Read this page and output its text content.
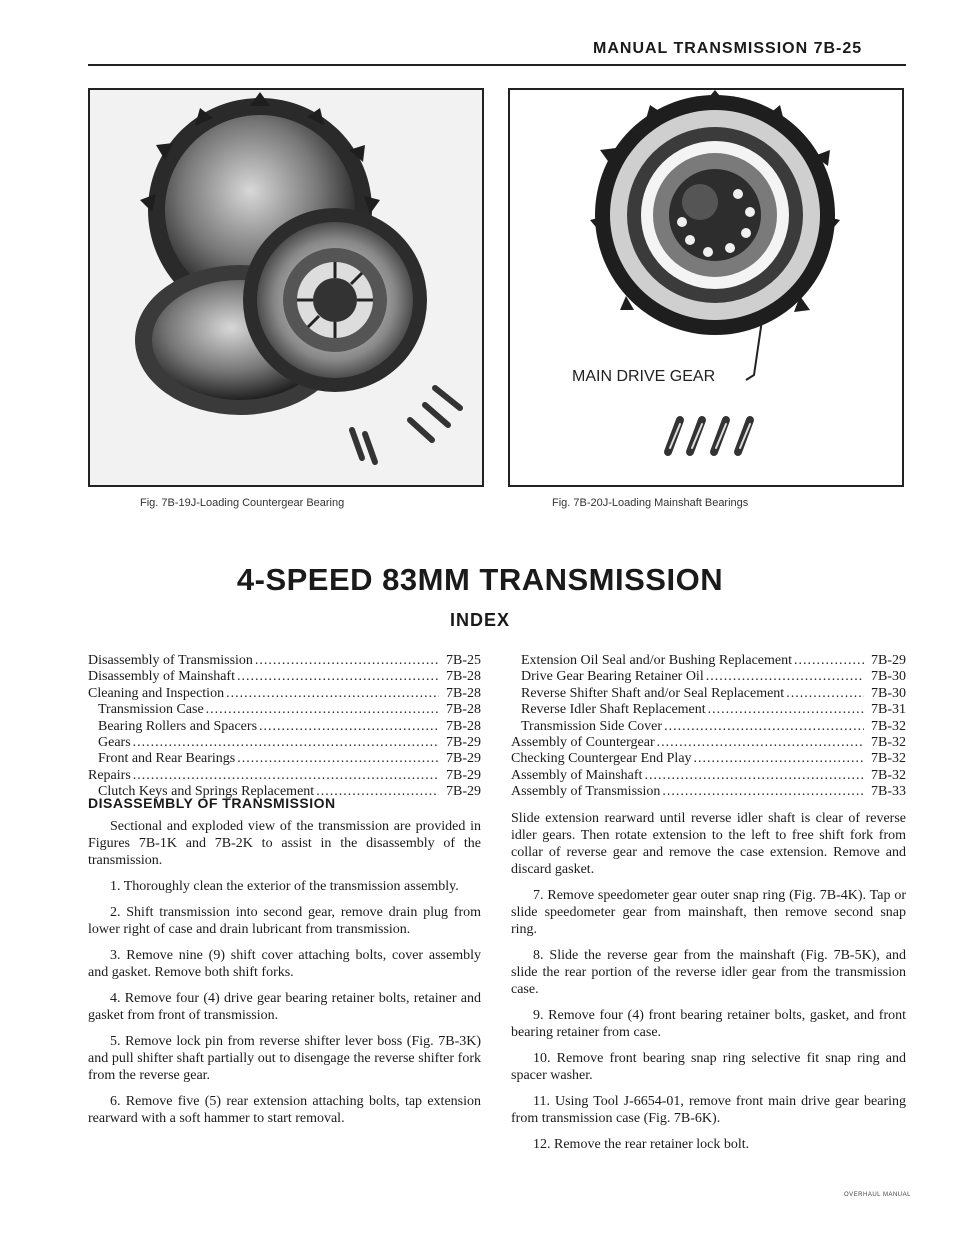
MANUAL TRANSMISSION 7B-25
MAIN DRIVE GEAR
Fig. 7B-19J-Loading Countergear Bearing	Fig. 7B-20J-Loading Mainshaft Bearings
4-SPEED 83MM TRANSMISSION
INDEX
Disassembly of Transmission .....	7B-25
Disassembly of Mainshaft .....	7B-28
Cleaning and Inspection .....	7B-28
Transmission Case .....	7B-28
Bearing Rollers and Spacers .....	7B-28
Gears .....	7B-29
Front and Rear Bearings .....	7B-29
Repairs .....	7B-29
Clutch Keys and Springs Replacement .....	7B-29
Extension Oil Seal and/or Bushing Replacement .....	7B-29
Drive Gear Bearing Retainer Oil .....	7B-30
Reverse Shifter Shaft and/or Seal Replacement .....	7B-30
Reverse Idler Shaft Replacement .....	7B-31
Transmission Side Cover .....	7B-32
Assembly of Countergear .....	7B-32
Checking Countergear End Play .....	7B-32
Assembly of Mainshaft .....	7B-32
Assembly of Transmission .....	7B-33
DISASSEMBLY OF TRANSMISSION

Sectional and exploded view of the transmission are provided in Figures 7B-1K and 7B-2K to assist in the disassembly of the transmission.

1. Thoroughly clean the exterior of the transmission assembly.

2. Shift transmission into second gear, remove drain plug from lower right of case and drain lubricant from transmission.

3. Remove nine (9) shift cover attaching bolts, cover assembly and gasket. Remove both shift forks.

4. Remove four (4) drive gear bearing retainer bolts, retainer and gasket from front of transmission.

5. Remove lock pin from reverse shifter lever boss (Fig. 7B-3K) and pull shifter shaft partially out to disengage the reverse shifter fork from the reverse gear.

6. Remove five (5) rear extension attaching bolts, tap extension rearward with a soft hammer to start removal.

Slide extension rearward until reverse idler shaft is clear of reverse idler gears. Then rotate extension to the left to free shift fork from collar of reverse gear and remove the case extension. Remove and discard gasket.

7. Remove speedometer gear outer snap ring (Fig. 7B-4K). Tap or slide speedometer gear from mainshaft, then remove second snap ring.

8. Slide the reverse gear from the mainshaft (Fig. 7B-5K), and slide the rear portion of the reverse idler gear from the transmission case.

9. Remove four (4) front bearing retainer bolts, gasket, and front bearing retainer from case.

10. Remove front bearing snap ring selective fit snap ring and spacer washer.

11. Using Tool J-6654-01, remove front main drive gear bearing from transmission case (Fig. 7B-6K).

12. Remove the rear retainer lock bolt.

OVERHAUL MANUAL
